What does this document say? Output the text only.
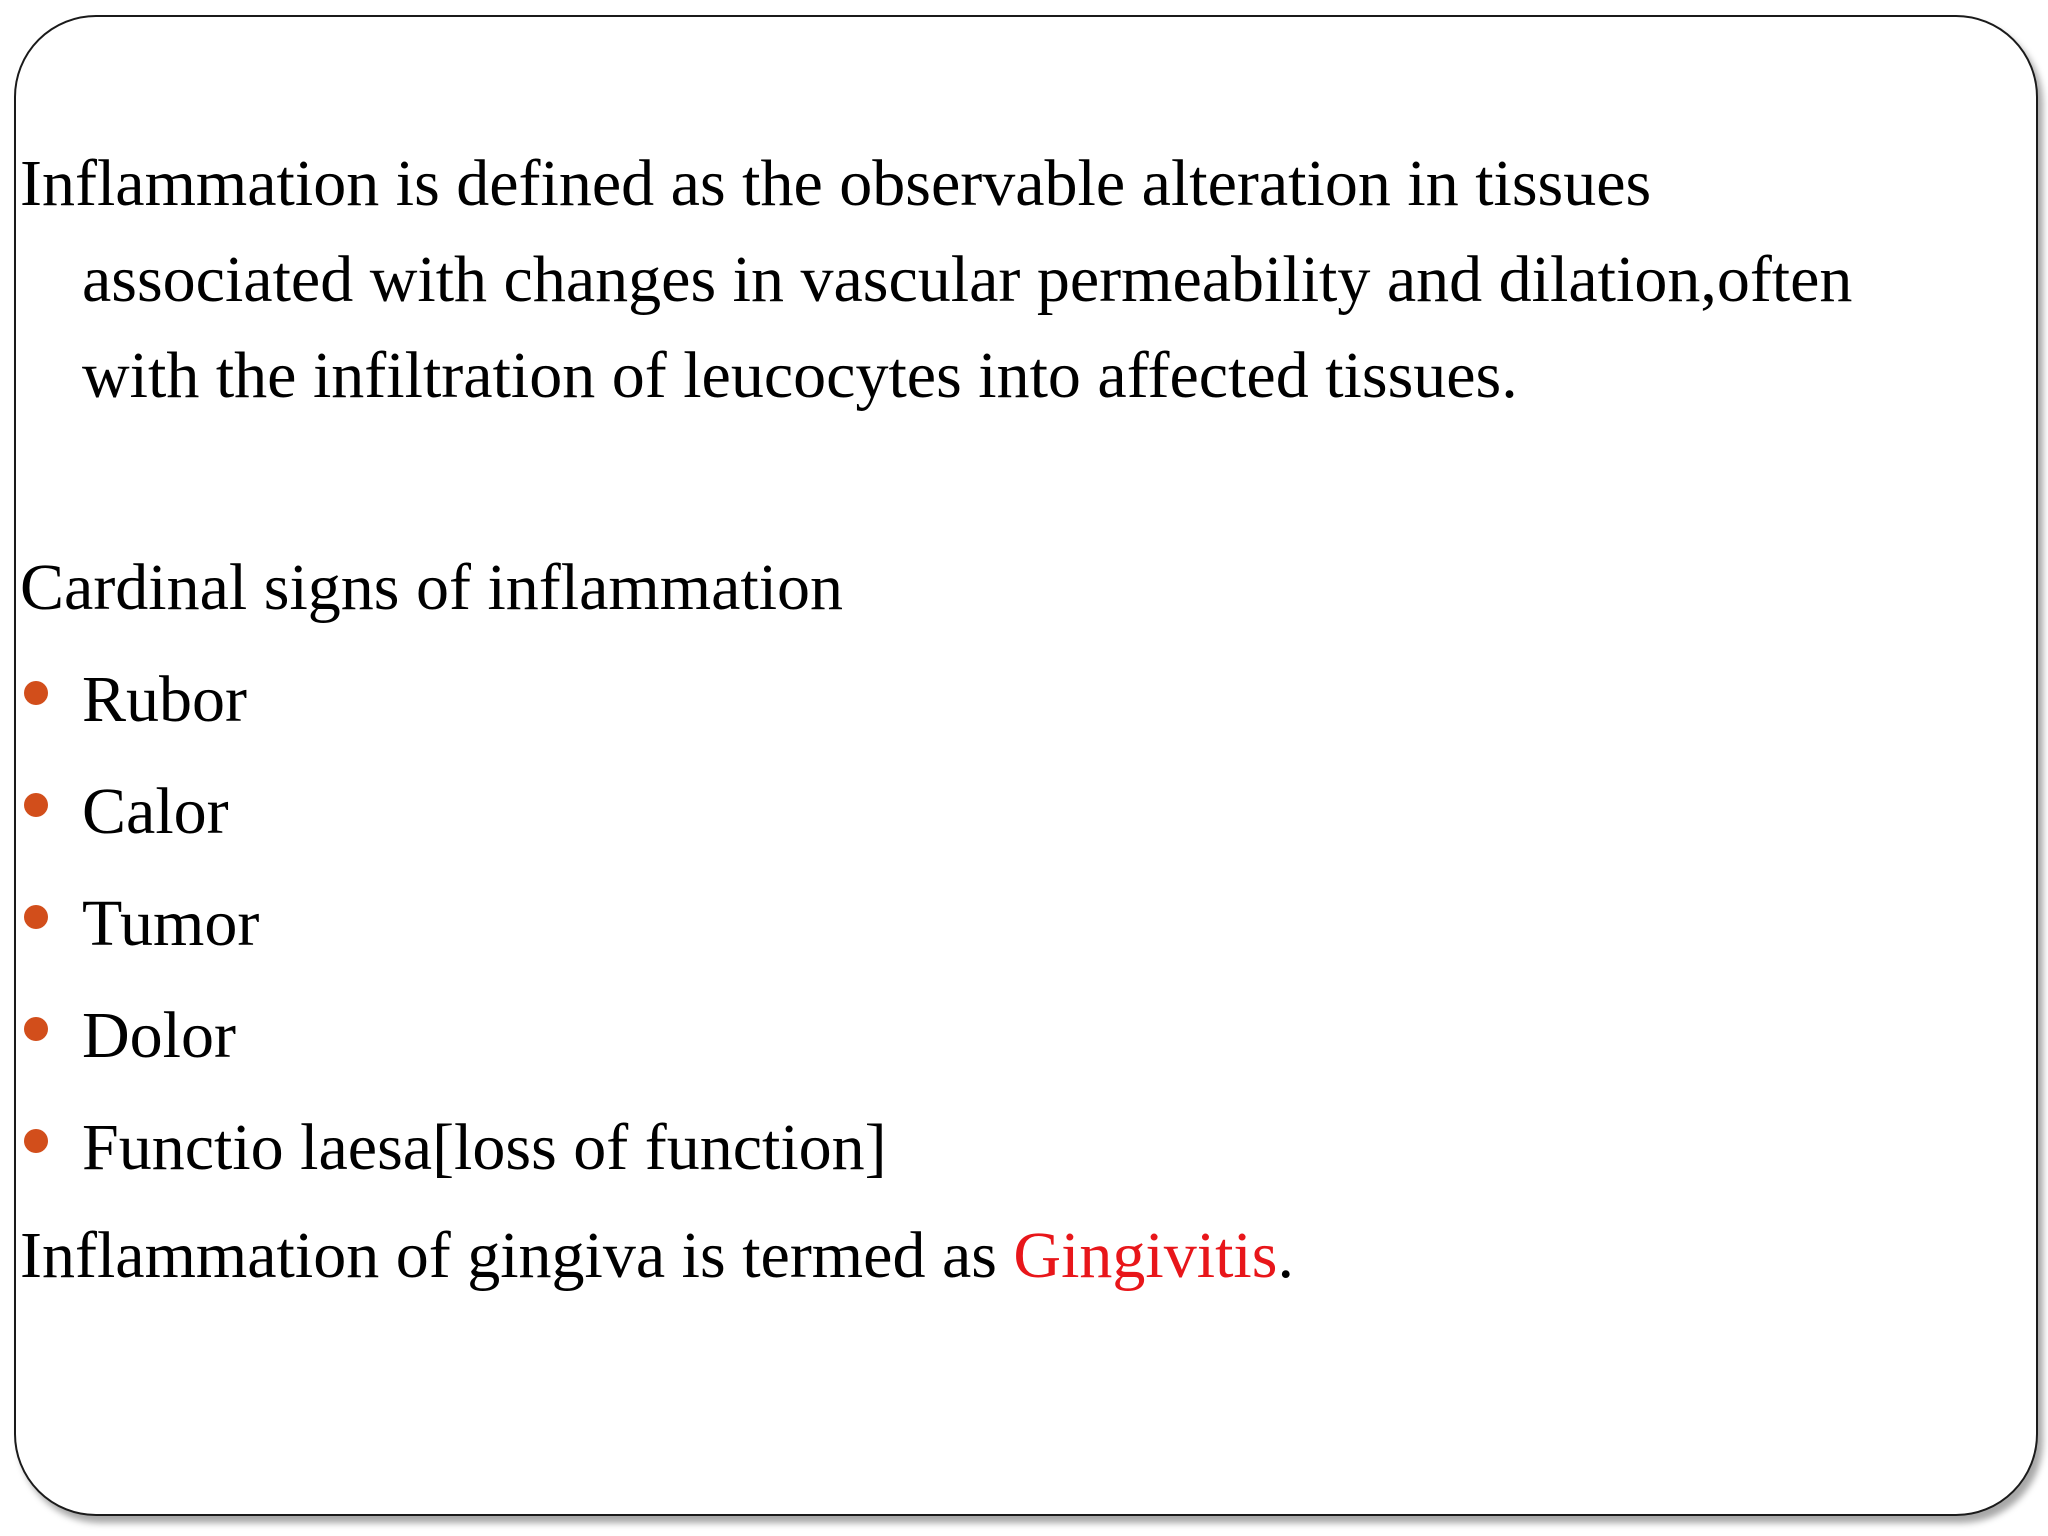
Inflammation is defined as the observable alteration in tissues
associated with changes in vascular permeability and dilation,often
with the infiltration of leucocytes into affected tissues.
Cardinal signs of inflammation
Rubor
Calor
Tumor
Dolor
Functio laesa[loss of function]
Inflammation of gingiva is termed as Gingivitis.
